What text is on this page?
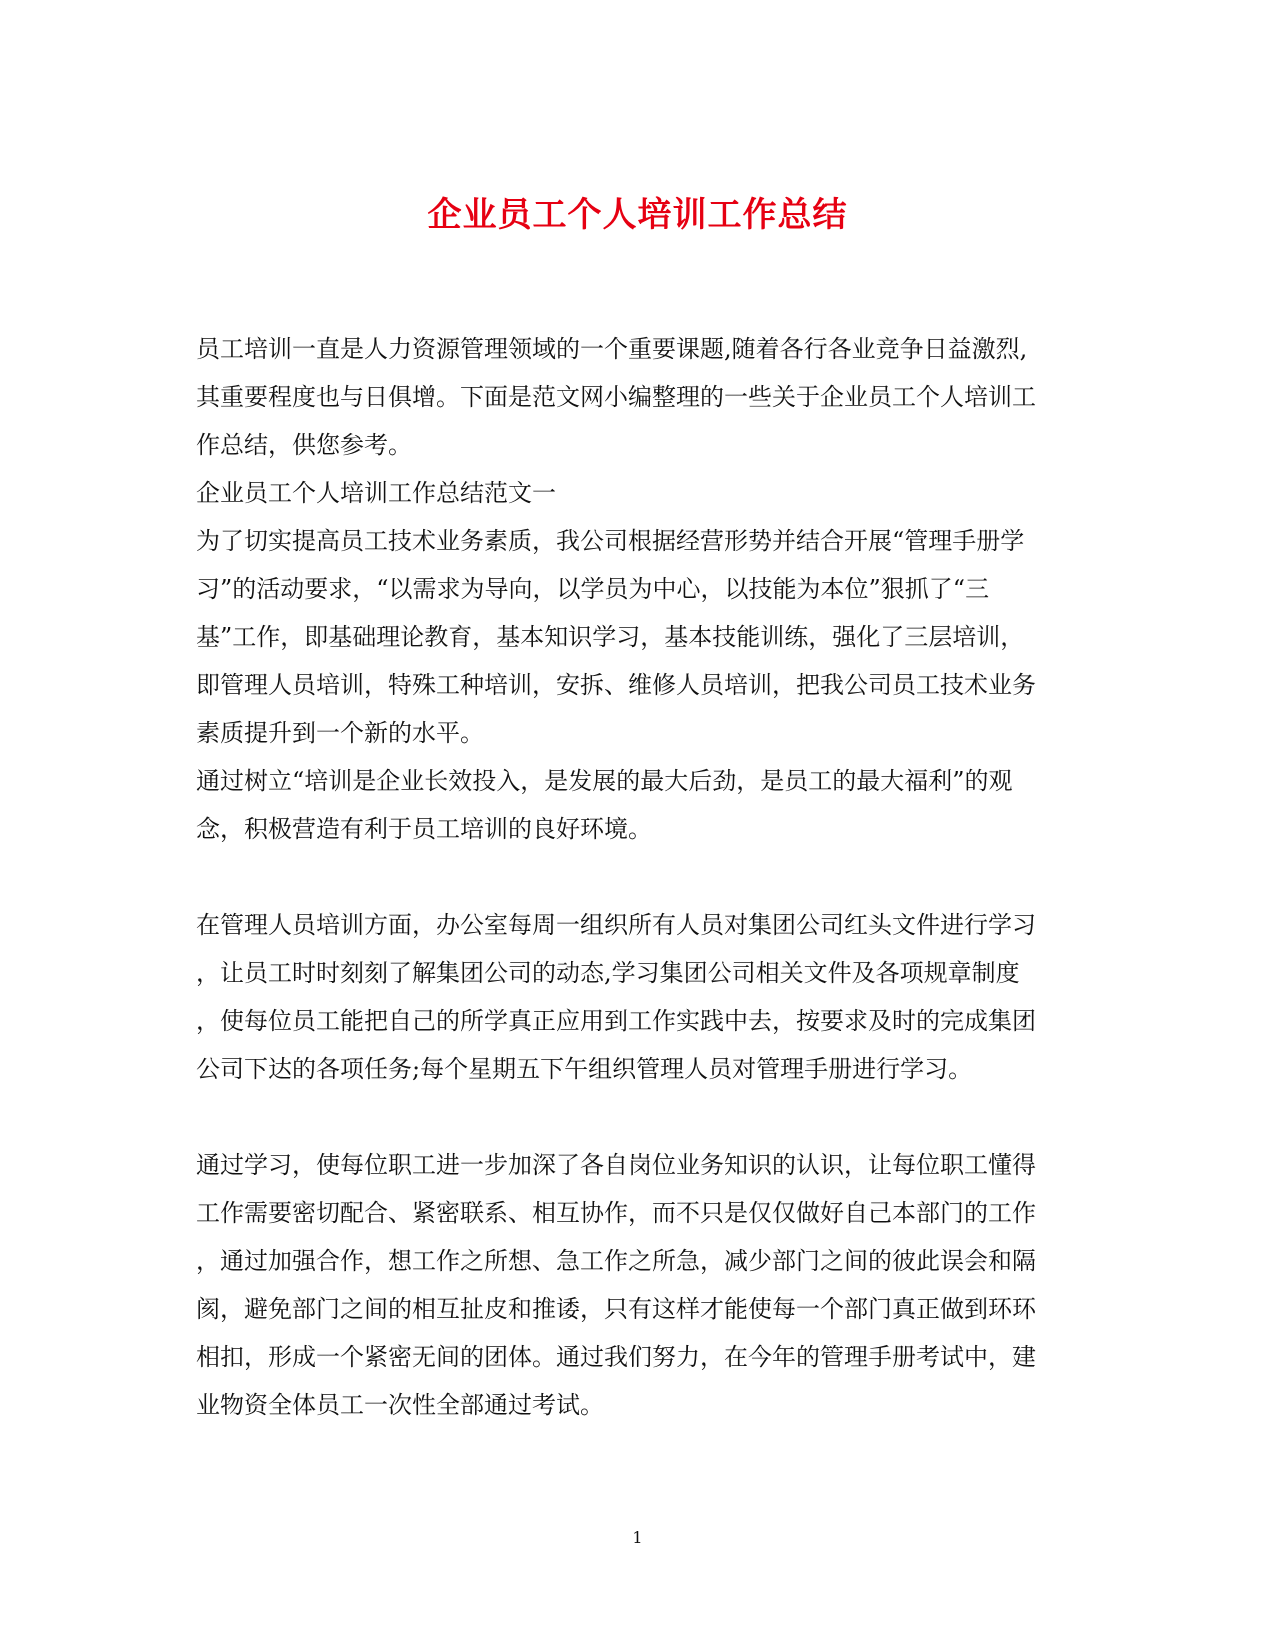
企业员工个人培训工作总结
员工培训一直是人力资源管理领域的一个重要课题,随着各行各业竞争日益激烈,
其重要程度也与日俱增。下面是范文网小编整理的一些关于企业员工个人培训工
作总结，供您参考。
企业员工个人培训工作总结范文一
为了切实提高员工技术业务素质，我公司根据经营形势并结合开展“管理手册学
习”的活动要求，“以需求为导向，以学员为中心，以技能为本位”狠抓了“三
基”工作，即基础理论教育，基本知识学习，基本技能训练，强化了三层培训，
即管理人员培训，特殊工种培训，安拆、维修人员培训，把我公司员工技术业务
素质提升到一个新的水平。
通过树立“培训是企业长效投入，是发展的最大后劲，是员工的最大福利”的观
念，积极营造有利于员工培训的良好环境。
在管理人员培训方面，办公室每周一组织所有人员对集团公司红头文件进行学习
，让员工时时刻刻了解集团公司的动态,学习集团公司相关文件及各项规章制度
，使每位员工能把自己的所学真正应用到工作实践中去，按要求及时的完成集团
公司下达的各项任务;每个星期五下午组织管理人员对管理手册进行学习。
通过学习，使每位职工进一步加深了各自岗位业务知识的认识，让每位职工懂得
工作需要密切配合、紧密联系、相互协作，而不只是仅仅做好自己本部门的工作
，通过加强合作，想工作之所想、急工作之所急，减少部门之间的彼此误会和隔
阂，避免部门之间的相互扯皮和推诿，只有这样才能使每一个部门真正做到环环
相扣，形成一个紧密无间的团体。通过我们努力，在今年的管理手册考试中，建
业物资全体员工一次性全部通过考试。
1
